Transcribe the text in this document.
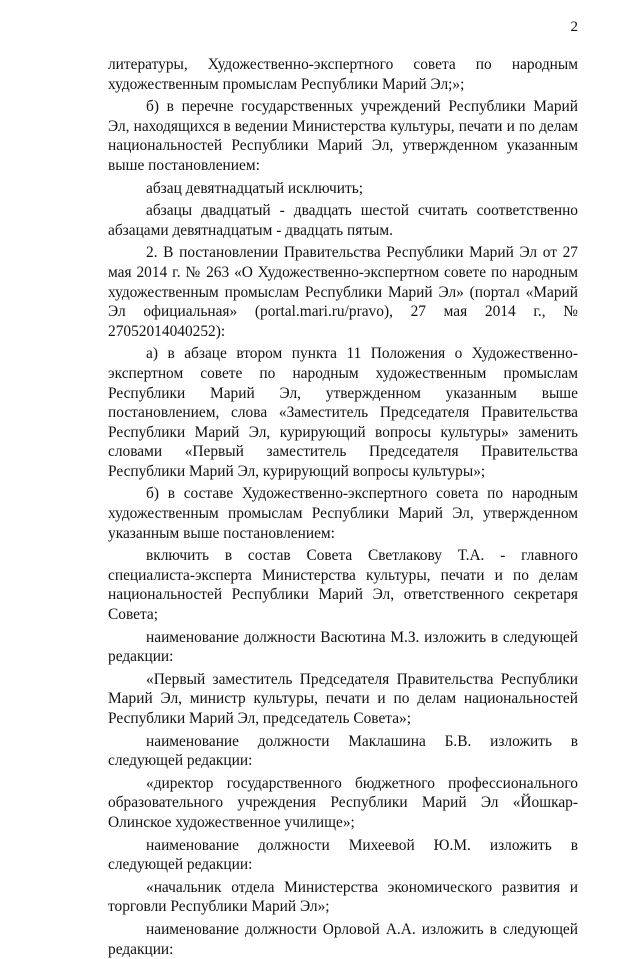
2

литературы, Художественно-экспертного совета по народным художественным промыслам Республики Марий Эл;»;

б) в перечне государственных учреждений Республики Марий Эл, находящихся в ведении Министерства культуры, печати и по делам национальностей Республики Марий Эл, утвержденном указанным выше постановлением:

абзац девятнадцатый исключить;

абзацы двадцатый - двадцать шестой считать соответственно абзацами девятнадцатым - двадцать пятым.

2. В постановлении Правительства Республики Марий Эл от 27 мая 2014 г. № 263 «О Художественно-экспертном совете по народным художественным промыслам Республики Марий Эл» (портал «Марий Эл официальная» (portal.mari.ru/pravo), 27 мая 2014 г., № 27052014040252):

а) в абзаце втором пункта 11 Положения о Художественно-экспертном совете по народным художественным промыслам Республики Марий Эл, утвержденном указанным выше постановлением, слова «Заместитель Председателя Правительства Республики Марий Эл, курирующий вопросы культуры» заменить словами «Первый заместитель Председателя Правительства Республики Марий Эл, курирующий вопросы культуры»;

б) в составе Художественно-экспертного совета по народным художественным промыслам Республики Марий Эл, утвержденном указанным выше постановлением:

включить в состав Совета Светлакову Т.А. - главного специалиста-эксперта Министерства культуры, печати и по делам национальностей Республики Марий Эл, ответственного секретаря Совета;

наименование должности Васютина М.З. изложить в следующей редакции:

«Первый заместитель Председателя Правительства Республики Марий Эл, министр культуры, печати и по делам национальностей Республики Марий Эл, председатель Совета»;

наименование должности Маклашина Б.В. изложить в следующей редакции:

«директор государственного бюджетного профессионального образовательного учреждения Республики Марий Эл «Йошкар-Олинское художественное училище»;

наименование должности Михеевой Ю.М. изложить в следующей редакции:

«начальник отдела Министерства экономического развития и торговли Республики Марий Эл»;

наименование должности Орловой А.А. изложить в следующей редакции:
